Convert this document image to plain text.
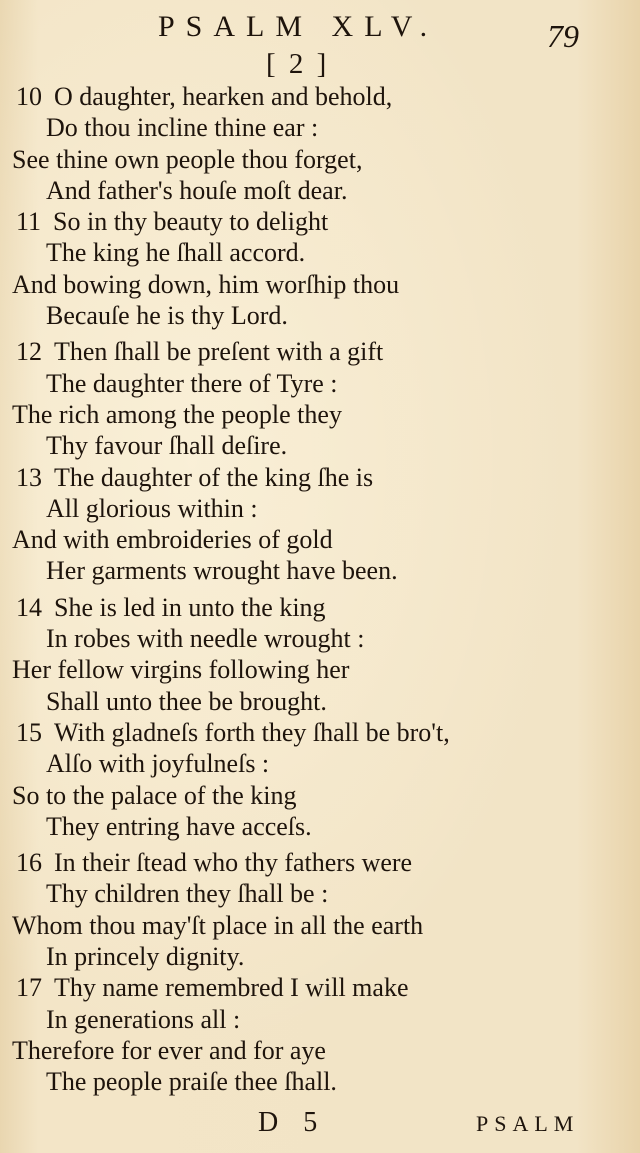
PSALM XLV.	79
[ 2 ]
10 O daughter, hearken and behold,
Do thou incline thine ear :
See thine own people thou forget,
And father's houſe moſt dear.
11 So in thy beauty to delight
The king he ſhall accord.
And bowing down, him worſhip thou
Becauſe he is thy Lord.
12 Then ſhall be preſent with a gift
The daughter there of Tyre :
The rich among the people they
Thy favour ſhall deſire.
13 The daughter of the king ſhe is
All glorious within :
And with embroideries of gold
Her garments wrought have been.
14 She is led in unto the king
In robes with needle wrought :
Her fellow virgins following her
Shall unto thee be brought.
15 With gladneſs forth they ſhall be bro't,
Alſo with joyfulneſs :
So to the palace of the king
They entring have acceſs.
16 In their ſtead who thy fathers were
Thy children they ſhall be :
Whom thou may'ſt place in all the earth
In princely dignity.
17 Thy name remembred I will make
In generations all :
Therefore for ever and for aye
The people praiſe thee ſhall.
D 5	PSALM
